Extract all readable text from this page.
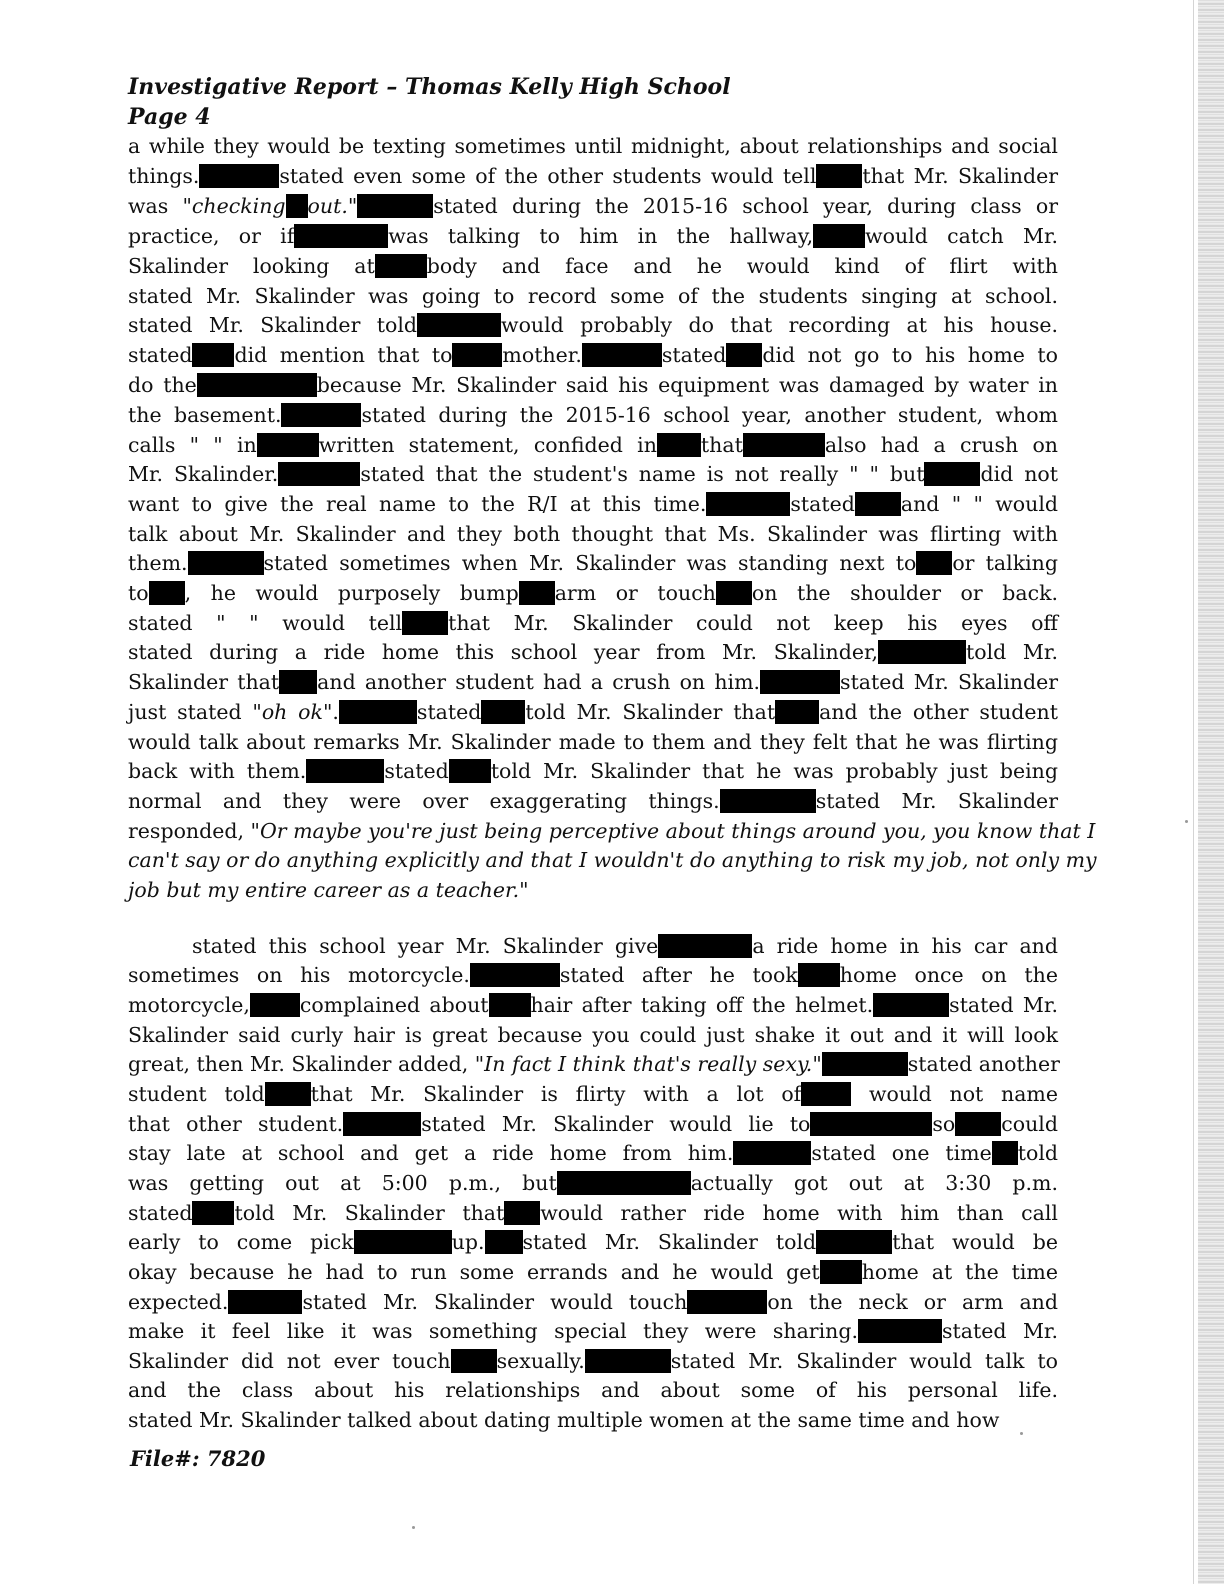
Investigative Report – Thomas Kelly High School
Page 4
a while they would be texting sometimes until midnight, about relationships and social
things.	stated even some of the other students would tell that Mr. Skalinder
was "checking out."	stated during the 2015-16 school year, during class or
practice, or if	was talking to him in the hallway,	would catch Mr.
Skalinder looking at	body and face and he would kind of flirt with
stated Mr. Skalinder was going to record some of the students singing at school.
stated Mr. Skalinder told	would probably do that recording at his house.
stated did mention that to mother.	stated did not go to his home to
do the	because Mr. Skalinder said his equipment was damaged by water in
the basement.	stated during the 2015-16 school year, another student, whom
calls " " in	written statement, confided in that	also had a crush on
Mr. Skalinder.	stated that the student's name is not really " " but	did not
want to give the real name to the R/I at this time.	stated and " " would
talk about Mr. Skalinder and they both thought that Ms. Skalinder was flirting with
them.	stated sometimes when Mr. Skalinder was standing next to or talking
to , he would purposely bump arm or touch on the shoulder or back.
stated " " would tell that Mr. Skalinder could not keep his eyes off
stated during a ride home this school year from Mr. Skalinder,	told Mr.
Skalinder that and another student had a crush on him.	stated Mr. Skalinder
just stated "oh ok".	stated told Mr. Skalinder that and the other student
would talk about remarks Mr. Skalinder made to them and they felt that he was flirting
back with them.	stated told Mr. Skalinder that he was probably just being
normal and they were over exaggerating things.	stated Mr. Skalinder
responded, "Or maybe you're just being perceptive about things around you, you know that I
can't say or do anything explicitly and that I wouldn't do anything to risk my job, not only my
job but my entire career as a teacher."
stated this school year Mr. Skalinder give	a ride home in his car and
sometimes on his motorcycle.	stated after he took home once on the
motorcycle, complained about hair after taking off the helmet.	stated Mr.
Skalinder said curly hair is great because you could just shake it out and it will look
great, then Mr. Skalinder added, "In fact I think that's really sexy."	stated another
student told that Mr. Skalinder is flirty with a lot of would not name
that other student.	stated Mr. Skalinder would lie to	so could
stay late at school and get a ride home from him.	stated one time told
was getting out at 5:00 p.m., but	actually got out at 3:30 p.m.
stated told Mr. Skalinder that would rather ride home with him than call
early to come pick	up. stated Mr. Skalinder told	that would be
okay because he had to run some errands and he would get home at the time
expected.	stated Mr. Skalinder would touch	on the neck or arm and
make it feel like it was something special they were sharing.	stated Mr.
Skalinder did not ever touch sexually.	stated Mr. Skalinder would talk to
and the class about his relationships and about some of his personal life.
stated Mr. Skalinder talked about dating multiple women at the same time and how
File#: 7820
